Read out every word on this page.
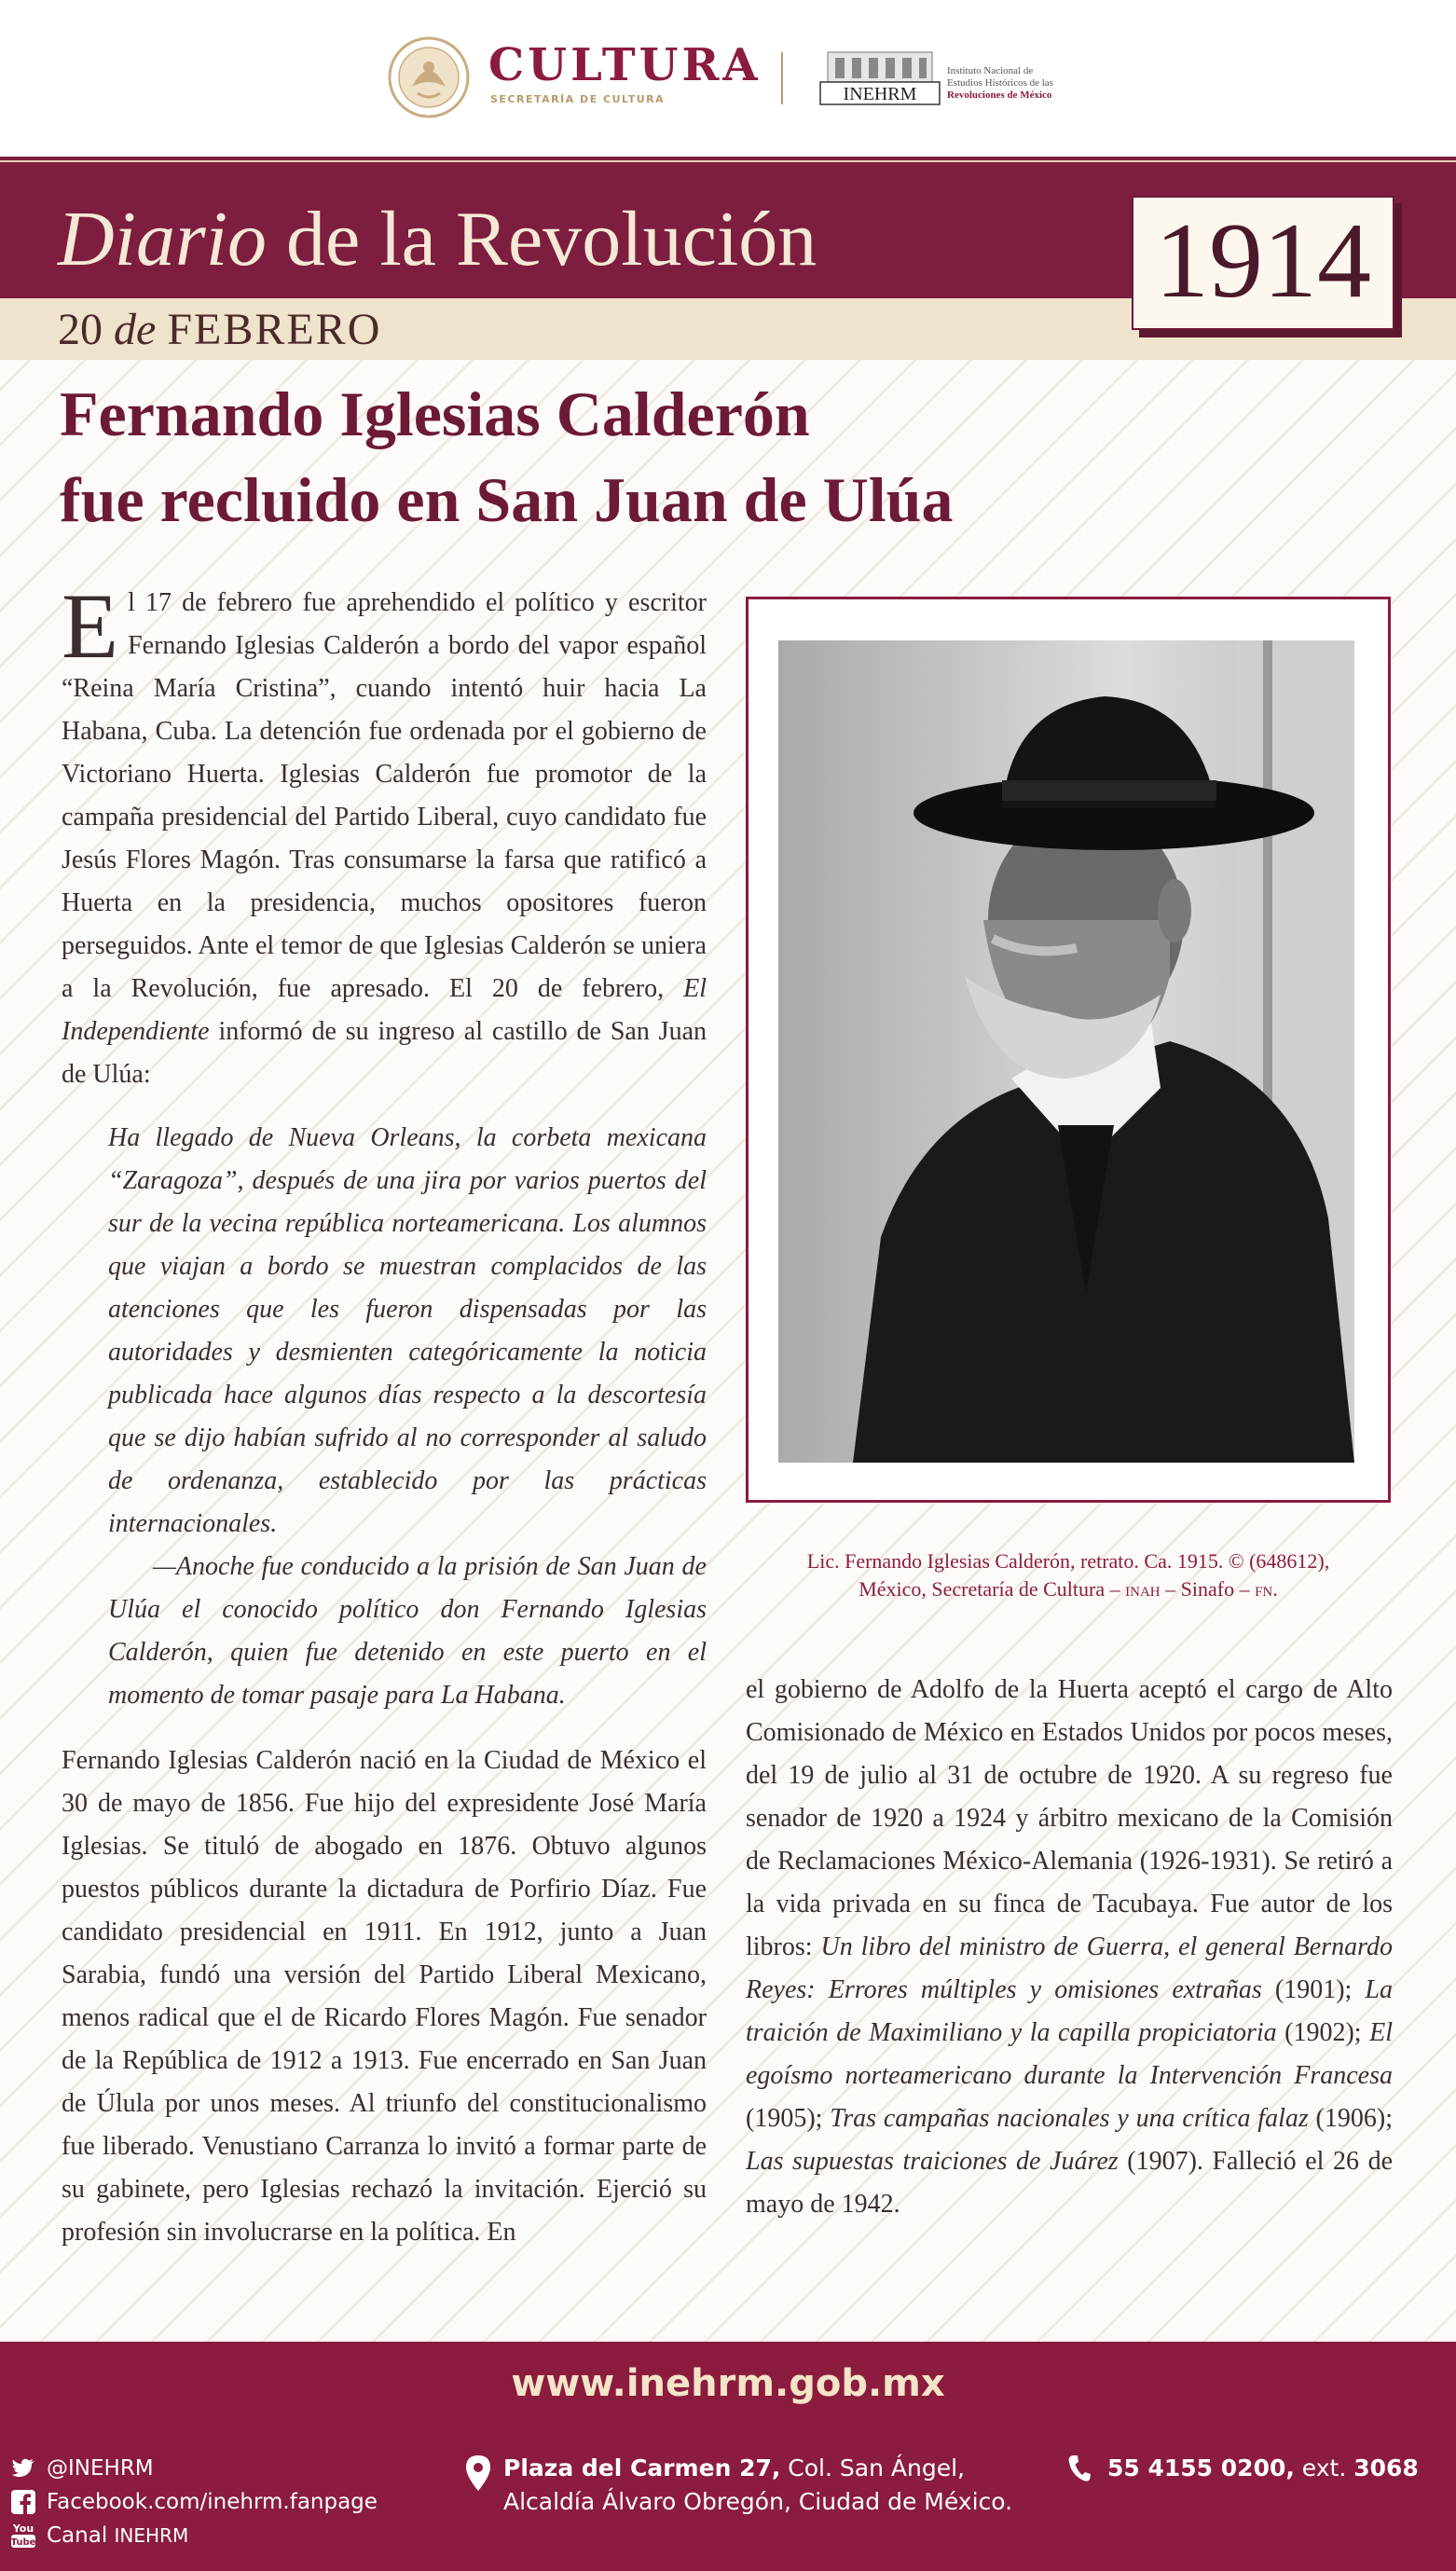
CULTURA
SECRETARÍA DE CULTURA	INEHRM
Instituto Nacional de
Estudios Históricos de las
Revoluciones de México
Diario de la Revolución
20 de FEBRERO
1914
Fernando Iglesias Calderón
fue recluido en San Juan de Ulúa

El 17 de febrero fue aprehendido el político y escritor Fernando Iglesias Calderón a bordo del vapor español “Reina María Cristina”, cuando intentó huir hacia La Habana, Cuba. La detención fue ordenada por el gobierno de Victoriano Huerta. Iglesias Calderón fue promotor de la campaña presidencial del Partido Liberal, cuyo candidato fue Jesús Flores Magón. Tras consumarse la farsa que ratificó a Huerta en la presidencia, muchos opositores fueron perseguidos. Ante el temor de que Iglesias Calderón se uniera a la Revolución, fue apresado. El 20 de febrero, El Independiente informó de su ingreso al castillo de San Juan de Ulúa:

Ha llegado de Nueva Orleans, la corbeta mexicana “Zaragoza”, después de una jira por varios puertos del sur de la vecina república norteamericana. Los alumnos que viajan a bordo se muestran complacidos de las atenciones que les fueron dispensadas por las autoridades y desmienten categóricamente la noticia publicada hace algunos días respecto a la descortesía que se dijo habían sufrido al no corresponder al saludo de ordenanza, establecido por las prácticas internacionales.
—Anoche fue conducido a la prisión de San Juan de Ulúa el conocido político don Fernando Iglesias Calderón, quien fue detenido en este puerto en el momento de tomar pasaje para La Habana.

Fernando Iglesias Calderón nació en la Ciudad de México el 30 de mayo de 1856. Fue hijo del expresidente José María Iglesias. Se tituló de abogado en 1876. Obtuvo algunos puestos públicos durante la dictadura de Porfirio Díaz. Fue candidato presidencial en 1911. En 1912, junto a Juan Sarabia, fundó una versión del Partido Liberal Mexicano, menos radical que el de Ricardo Flores Magón. Fue senador de la República de 1912 a 1913. Fue encerrado en San Juan de Úlula por unos meses. Al triunfo del constitucionalismo fue liberado. Venustiano Carranza lo invitó a formar parte de su gabinete, pero Iglesias rechazó la invitación. Ejerció su profesión sin involucrarse en la política. En

Lic. Fernando Iglesias Calderón, retrato. Ca. 1915. © (648612),
México, Secretaría de Cultura – inah – Sinafo – fn.

el gobierno de Adolfo de la Huerta aceptó el cargo de Alto Comisionado de México en Estados Unidos por pocos meses, del 19 de julio al 31 de octubre de 1920. A su regreso fue senador de 1920 a 1924 y árbitro mexicano de la Comisión de Reclamaciones México-Alemania (1926-1931). Se retiró a la vida privada en su finca de Tacubaya. Fue autor de los libros: Un libro del ministro de Guerra, el general Bernardo Reyes: Errores múltiples y omisiones extrañas (1901); La traición de Maximiliano y la capilla propiciatoria (1902); El egoísmo norteamericano durante la Intervención Francesa (1905); Tras campañas nacionales y una crítica falaz (1906); Las supuestas traiciones de Juárez (1907). Falleció el 26 de mayo de 1942.

www.inehrm.gob.mx
@INEHRM
Facebook.com/inehrm.fanpage
You
Tube Canal INEHRM
Plaza del Carmen 27, Col. San Ángel,
Alcaldía Álvaro Obregón, Ciudad de México.
55 4155 0200, ext. 3068
